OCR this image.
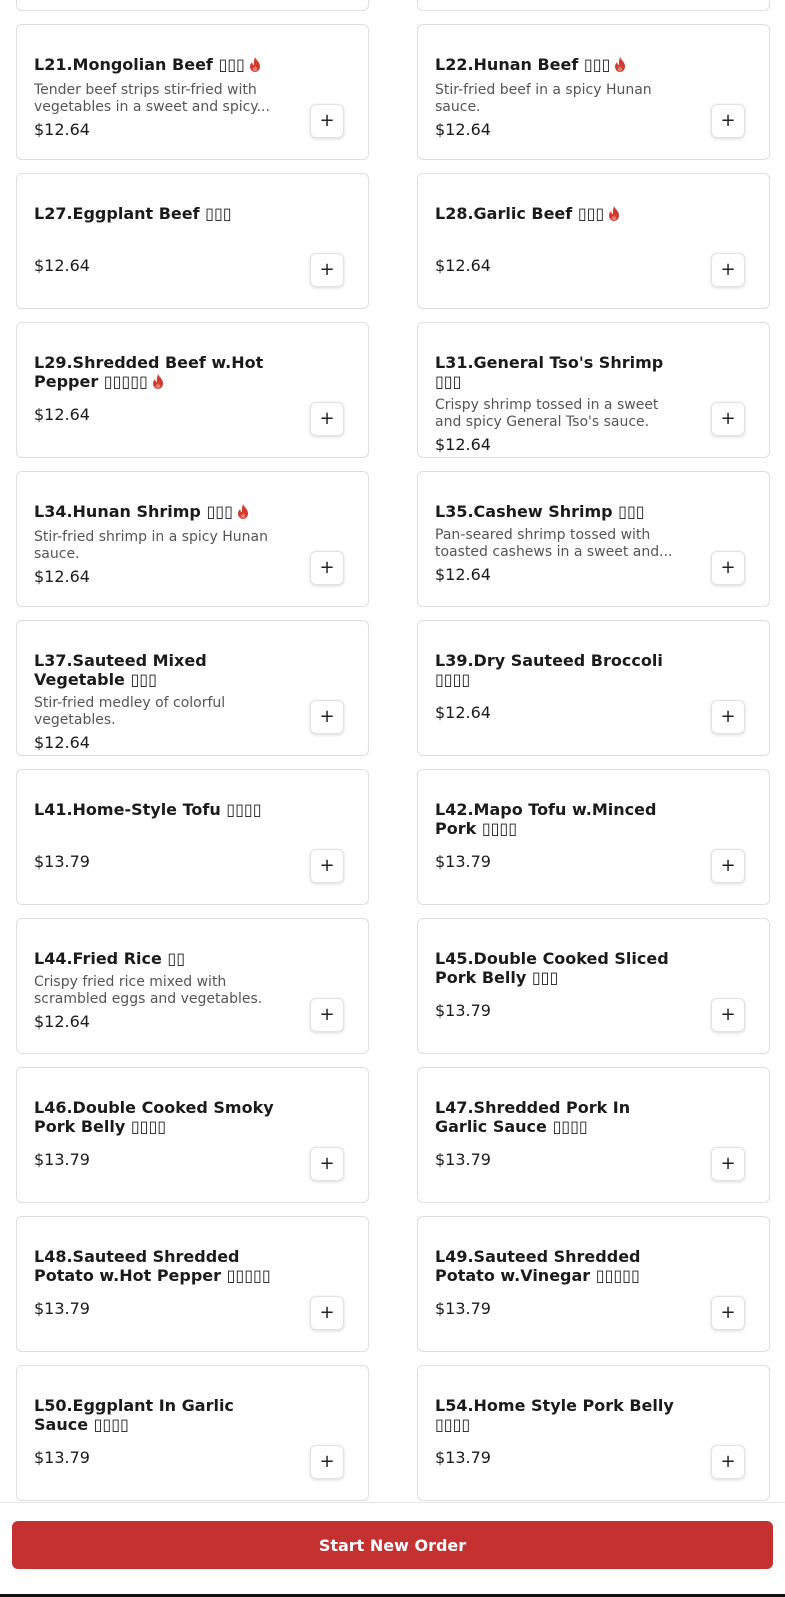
L21.Mongolian Beef ▯▯▯
Tender beef strips stir-fried with vegetables in a sweet and spicy...
$12.64	+
L22.Hunan Beef ▯▯▯
Stir-fried beef in a spicy Hunan sauce.
$12.64	+
L27.Eggplant Beef ▯▯▯
$12.64	+
L28.Garlic Beef ▯▯▯
$12.64	+
L29.Shredded Beef w.Hot Pepper ▯▯▯▯▯
$12.64	+
L31.General Tso's Shrimp ▯▯▯
Crispy shrimp tossed in a sweet and spicy General Tso's sauce.
$12.64
+
L34.Hunan Shrimp ▯▯▯
Stir-fried shrimp in a spicy Hunan sauce.
$12.64	+
L35.Cashew Shrimp ▯▯▯
Pan-seared shrimp tossed with toasted cashews in a sweet and...
$12.64	+
L37.Sauteed Mixed Vegetable ▯▯▯
Stir-fried medley of colorful vegetables.
$12.64
+
L39.Dry Sauteed Broccoli ▯▯▯▯
$12.64	+
L41.Home-Style Tofu ▯▯▯▯
$13.79	+
L42.Mapo Tofu w.Minced Pork ▯▯▯▯
$13.79	+
L44.Fried Rice ▯▯
Crispy fried rice mixed with scrambled eggs and vegetables.
$12.64	+
L45.Double Cooked Sliced Pork Belly ▯▯▯
$13.79	+
L46.Double Cooked Smoky Pork Belly ▯▯▯▯
$13.79	+
L47.Shredded Pork In Garlic Sauce ▯▯▯▯
$13.79	+
L48.Sauteed Shredded Potato w.Hot Pepper ▯▯▯▯▯
$13.79	+
L49.Sauteed Shredded Potato w.Vinegar ▯▯▯▯▯
$13.79	+
L50.Eggplant In Garlic Sauce ▯▯▯▯
$13.79	+
L54.Home Style Pork Belly ▯▯▯▯
$13.79	+
Start New Order
